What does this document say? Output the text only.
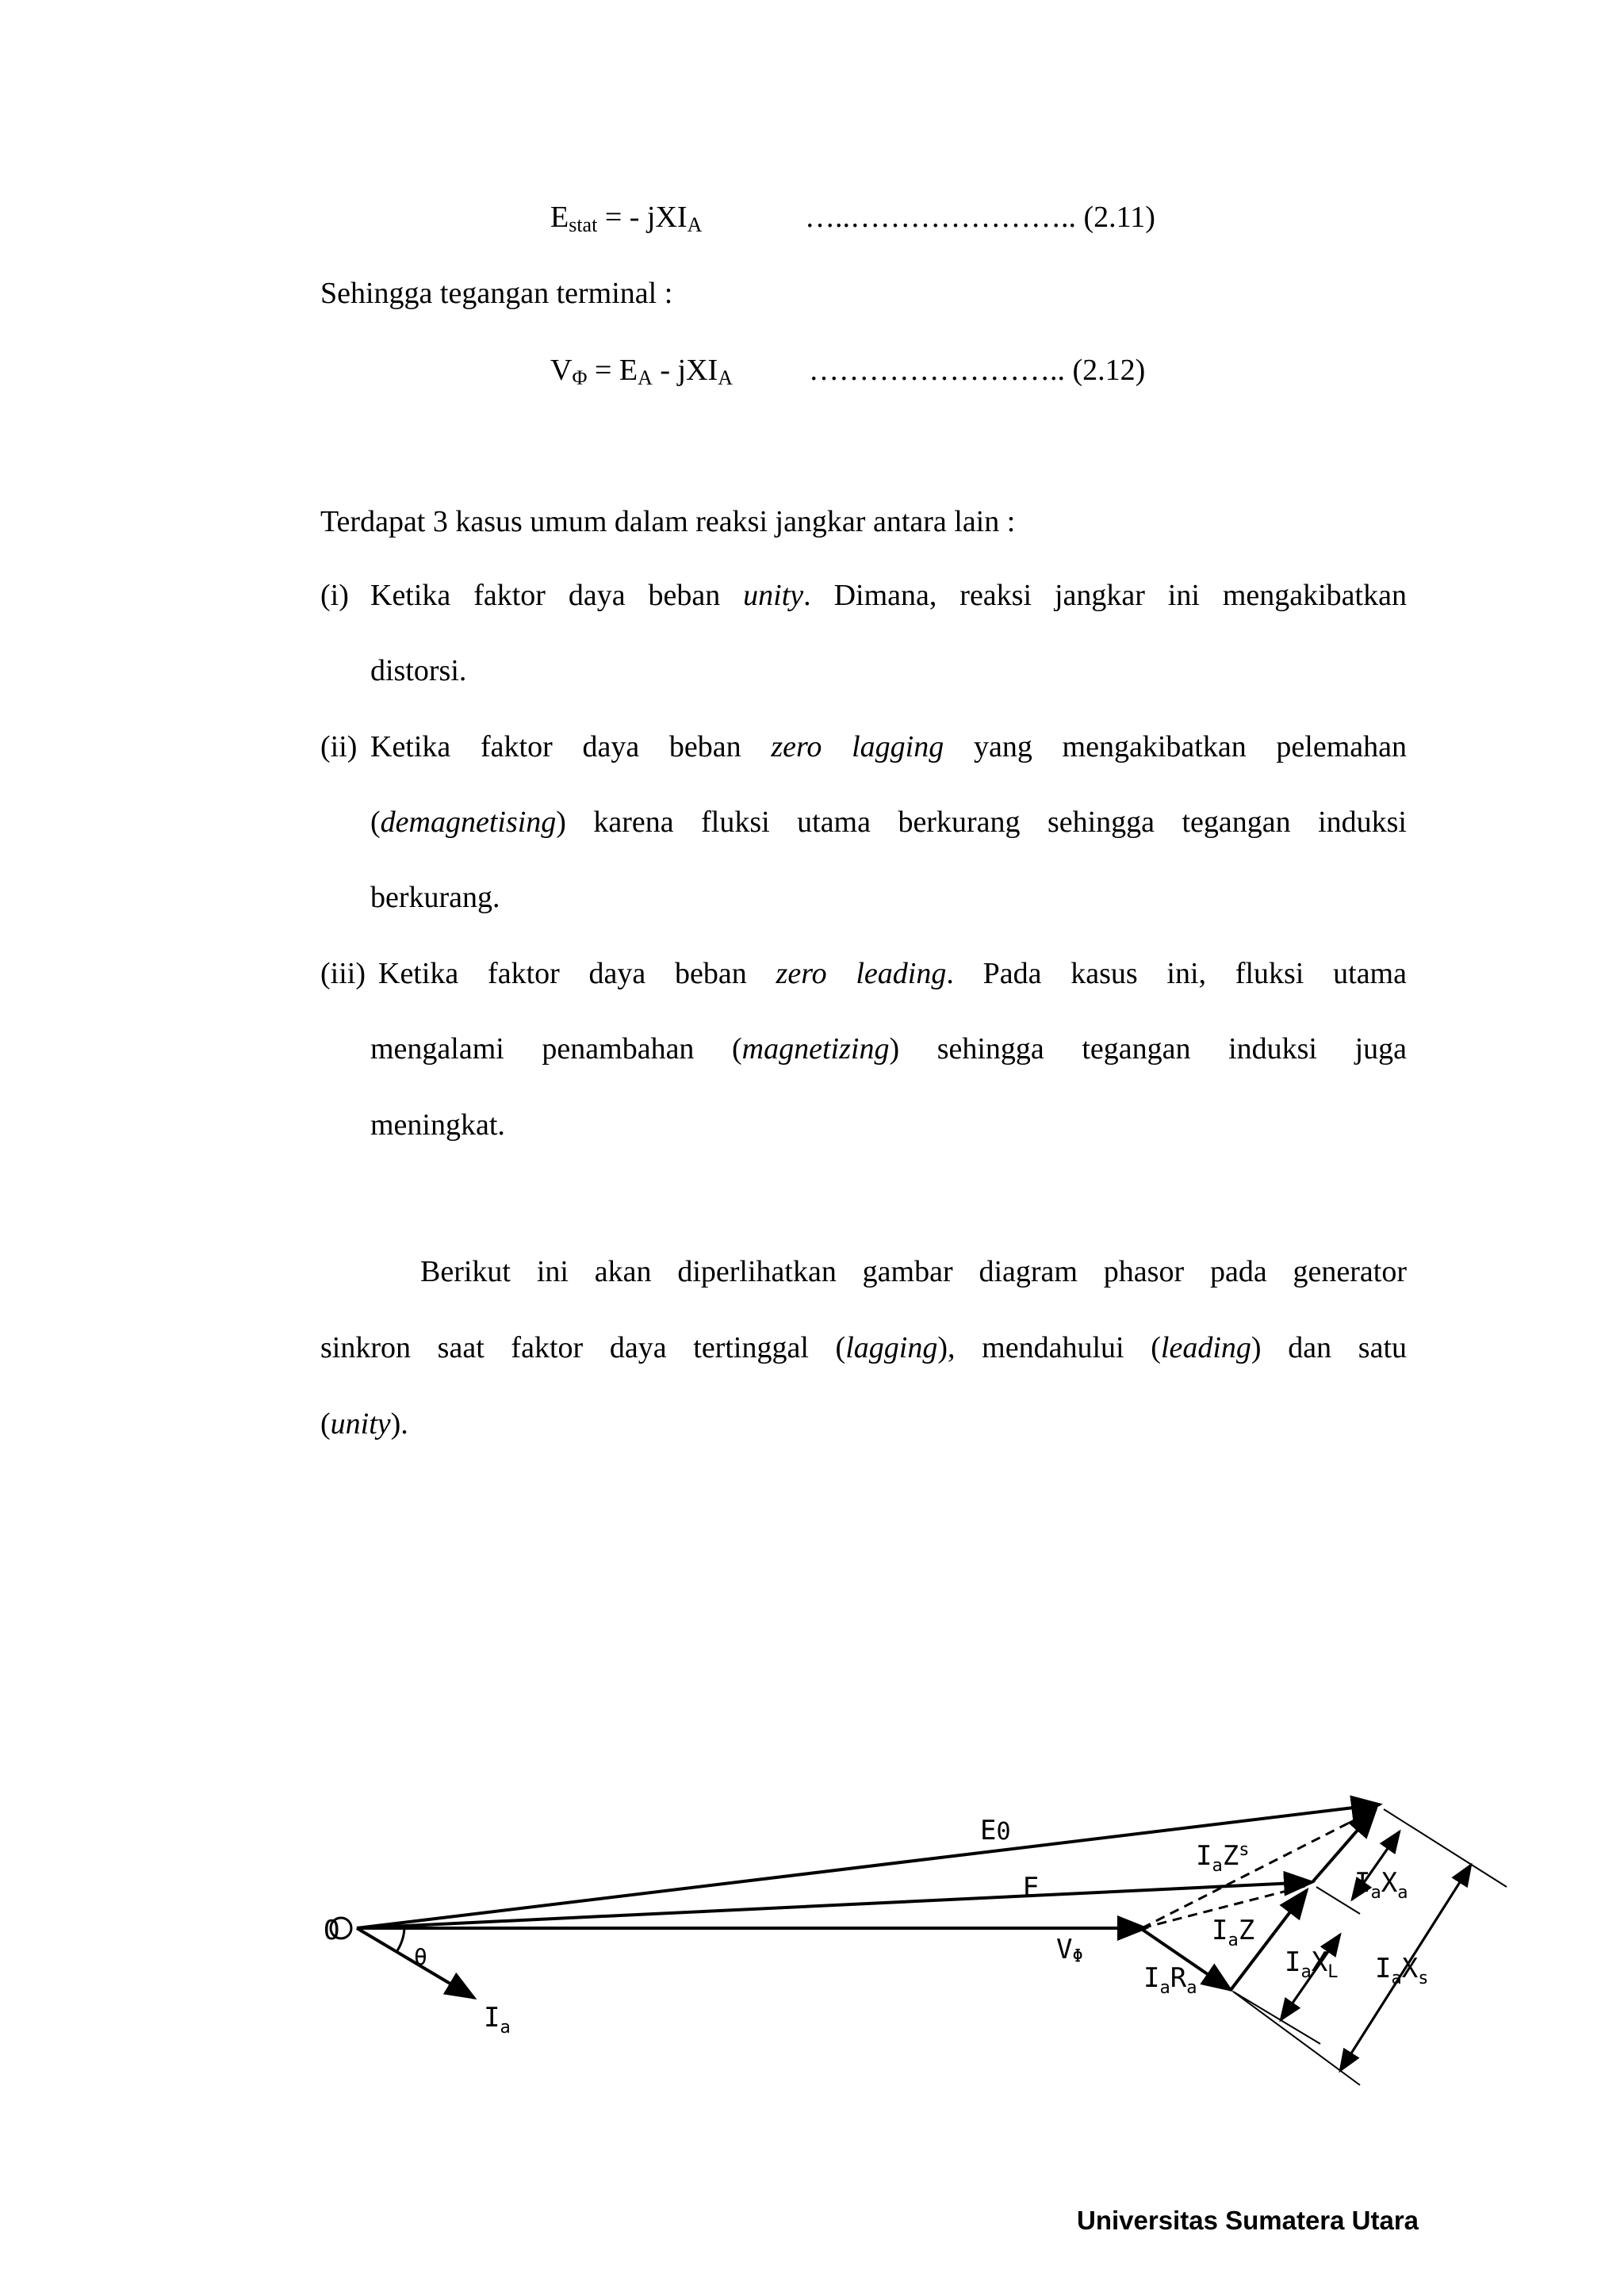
$E_{stat}$ = - jXI$_A$	…..………………….. (2.11)
Sehingga tegangan terminal :
$V_\Phi = E_A - jXI_A$	…………………….. (2.12)
Terdapat 3 kasus umum dalam reaksi jangkar antara lain :
(i) Ketika faktor daya beban unity. Dimana, reaksi jangkar ini mengakibatkan
distorsi.
(ii) Ketika faktor daya beban zero lagging yang mengakibatkan pelemahan
(demagnetising) karena fluksi utama berkurang sehingga tegangan induksi
berkurang.
(iii) Ketika faktor daya beban zero leading. Pada kasus ini, fluksi utama
mengalami penambahan (magnetizing) sehingga tegangan induksi juga
meningkat.
Berikut ini akan diperlihatkan gambar diagram phasor pada generator
sinkron saat faktor daya tertinggal (lagging), mendahului (leading) dan satu
(unity).
O
θ
Ia
E0
E
VΦ
IaZs
IaZ
IaRa
IaXL
IaXa
IaXs
Universitas Sumatera Utara
